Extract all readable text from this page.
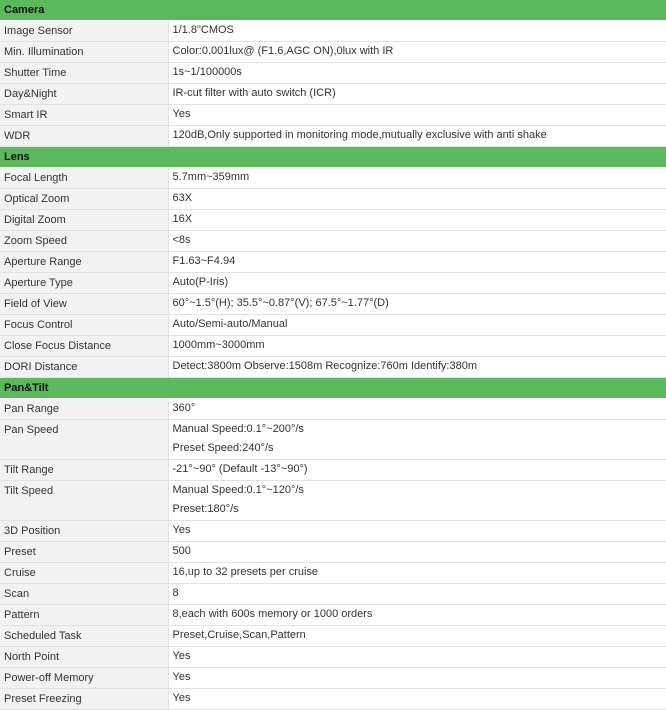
Camera	
Image Sensor	1/1.8"CMOS

Min. Illumination	Color:0.001lux@ (F1.6,AGC ON),0lux with IR

Shutter Time	1s~1/100000s

Day&Night	IR-cut filter with auto switch (ICR)

Smart IR	Yes

WDR	120dB,Only supported in monitoring mode,mutually exclusive with anti shake

Lens	
Focal Length	5.7mm~359mm

Optical Zoom	63X

Digital Zoom	16X

Zoom Speed	<8s

Aperture Range	F1.63~F4.94

Aperture Type	Auto(P-Iris)

Field of View	60°~1.5°(H); 35.5°~0.87°(V); 67.5°~1.77°(D)

Focus Control	Auto/Semi-auto/Manual

Close Focus Distance	1000mm~3000mm

DORI Distance	Detect:3800m Observe:1508m Recognize:760m Identify:380m

Pan&Tilt	
Pan Range	360°

Pan Speed	Manual Speed:0.1°~200°/s
Preset Speed:240°/s

Tilt Range	-21°~90° (Default -13°~90°)

Tilt Speed	Manual Speed:0.1°~120°/s
Preset:180°/s

3D Position	Yes

Preset	500

Cruise	16,up to 32 presets per cruise

Scan	8

Pattern	8,each with 600s memory or 1000 orders

Scheduled Task	Preset,Cruise,Scan,Pattern

North Point	Yes

Power-off Memory	Yes

Preset Freezing	Yes
